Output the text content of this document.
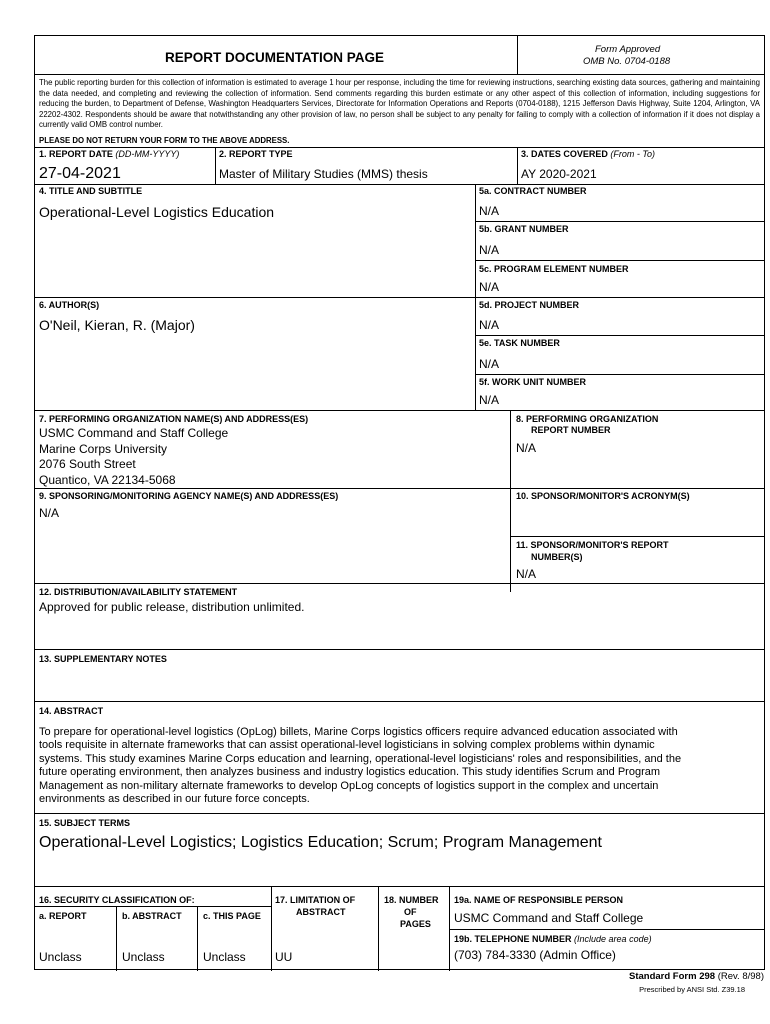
REPORT DOCUMENTATION PAGE
Form Approved
OMB No. 0704-0188
The public reporting burden for this collection of information is estimated to average 1 hour per response, including the time for reviewing instructions, searching existing data sources, gathering and maintaining the data needed, and completing and reviewing the collection of information. Send comments regarding this burden estimate or any other aspect of this collection of information, including suggestions for reducing the burden, to Department of Defense, Washington Headquarters Services, Directorate for Information Operations and Reports (0704-0188), 1215 Jefferson Davis Highway, Suite 1204, Arlington, VA 22202-4302. Respondents should be aware that notwithstanding any other provision of law, no person shall be subject to any penalty for failing to comply with a collection of information if it does not display a currently valid OMB control number.
PLEASE DO NOT RETURN YOUR FORM TO THE ABOVE ADDRESS.
1. REPORT DATE (DD-MM-YYYY)
27-04-2021
2. REPORT TYPE
Master of Military Studies (MMS) thesis
3. DATES COVERED (From - To)
AY 2020-2021
4. TITLE AND SUBTITLE
Operational-Level Logistics Education
5a. CONTRACT NUMBER
N/A
5b. GRANT NUMBER
N/A
5c. PROGRAM ELEMENT NUMBER
N/A
6. AUTHOR(S)
O'Neil, Kieran, R. (Major)
5d. PROJECT NUMBER
N/A
5e. TASK NUMBER
N/A
5f. WORK UNIT NUMBER
N/A
7. PERFORMING ORGANIZATION NAME(S) AND ADDRESS(ES)
USMC Command and Staff College
Marine Corps University
2076 South Street
Quantico, VA 22134-5068
8. PERFORMING ORGANIZATION
REPORT NUMBER
N/A
9. SPONSORING/MONITORING AGENCY NAME(S) AND ADDRESS(ES)
N/A
10. SPONSOR/MONITOR'S ACRONYM(S)
11. SPONSOR/MONITOR'S REPORT
NUMBER(S)
N/A
12. DISTRIBUTION/AVAILABILITY STATEMENT
Approved for public release, distribution unlimited.
13. SUPPLEMENTARY NOTES
14. ABSTRACT
To prepare for operational-level logistics (OpLog) billets, Marine Corps logistics officers require advanced education associated with
tools requisite in alternate frameworks that can assist operational-level logisticians in solving complex problems within dynamic
systems. This study examines Marine Corps education and learning, operational-level logisticians' roles and responsibilities, and the
future operating environment, then analyzes business and industry logistics education. This study identifies Scrum and Program
Management as non-military alternate frameworks to develop OpLog concepts of logistics support in the complex and uncertain
environments as described in our future force concepts.
15. SUBJECT TERMS
Operational-Level Logistics; Logistics Education; Scrum; Program Management
16. SECURITY CLASSIFICATION OF:
a. REPORT	b. ABSTRACT c. THIS PAGE
Unclass	Unclass	Unclass
17. LIMITATION OF
ABSTRACT
UU
18. NUMBER
OF
PAGES
19a. NAME OF RESPONSIBLE PERSON
USMC Command and Staff College
19b. TELEPHONE NUMBER (Include area code)
(703) 784-3330 (Admin Office)
Standard Form 298 (Rev. 8/98)
Prescribed by ANSI Std. Z39.18
